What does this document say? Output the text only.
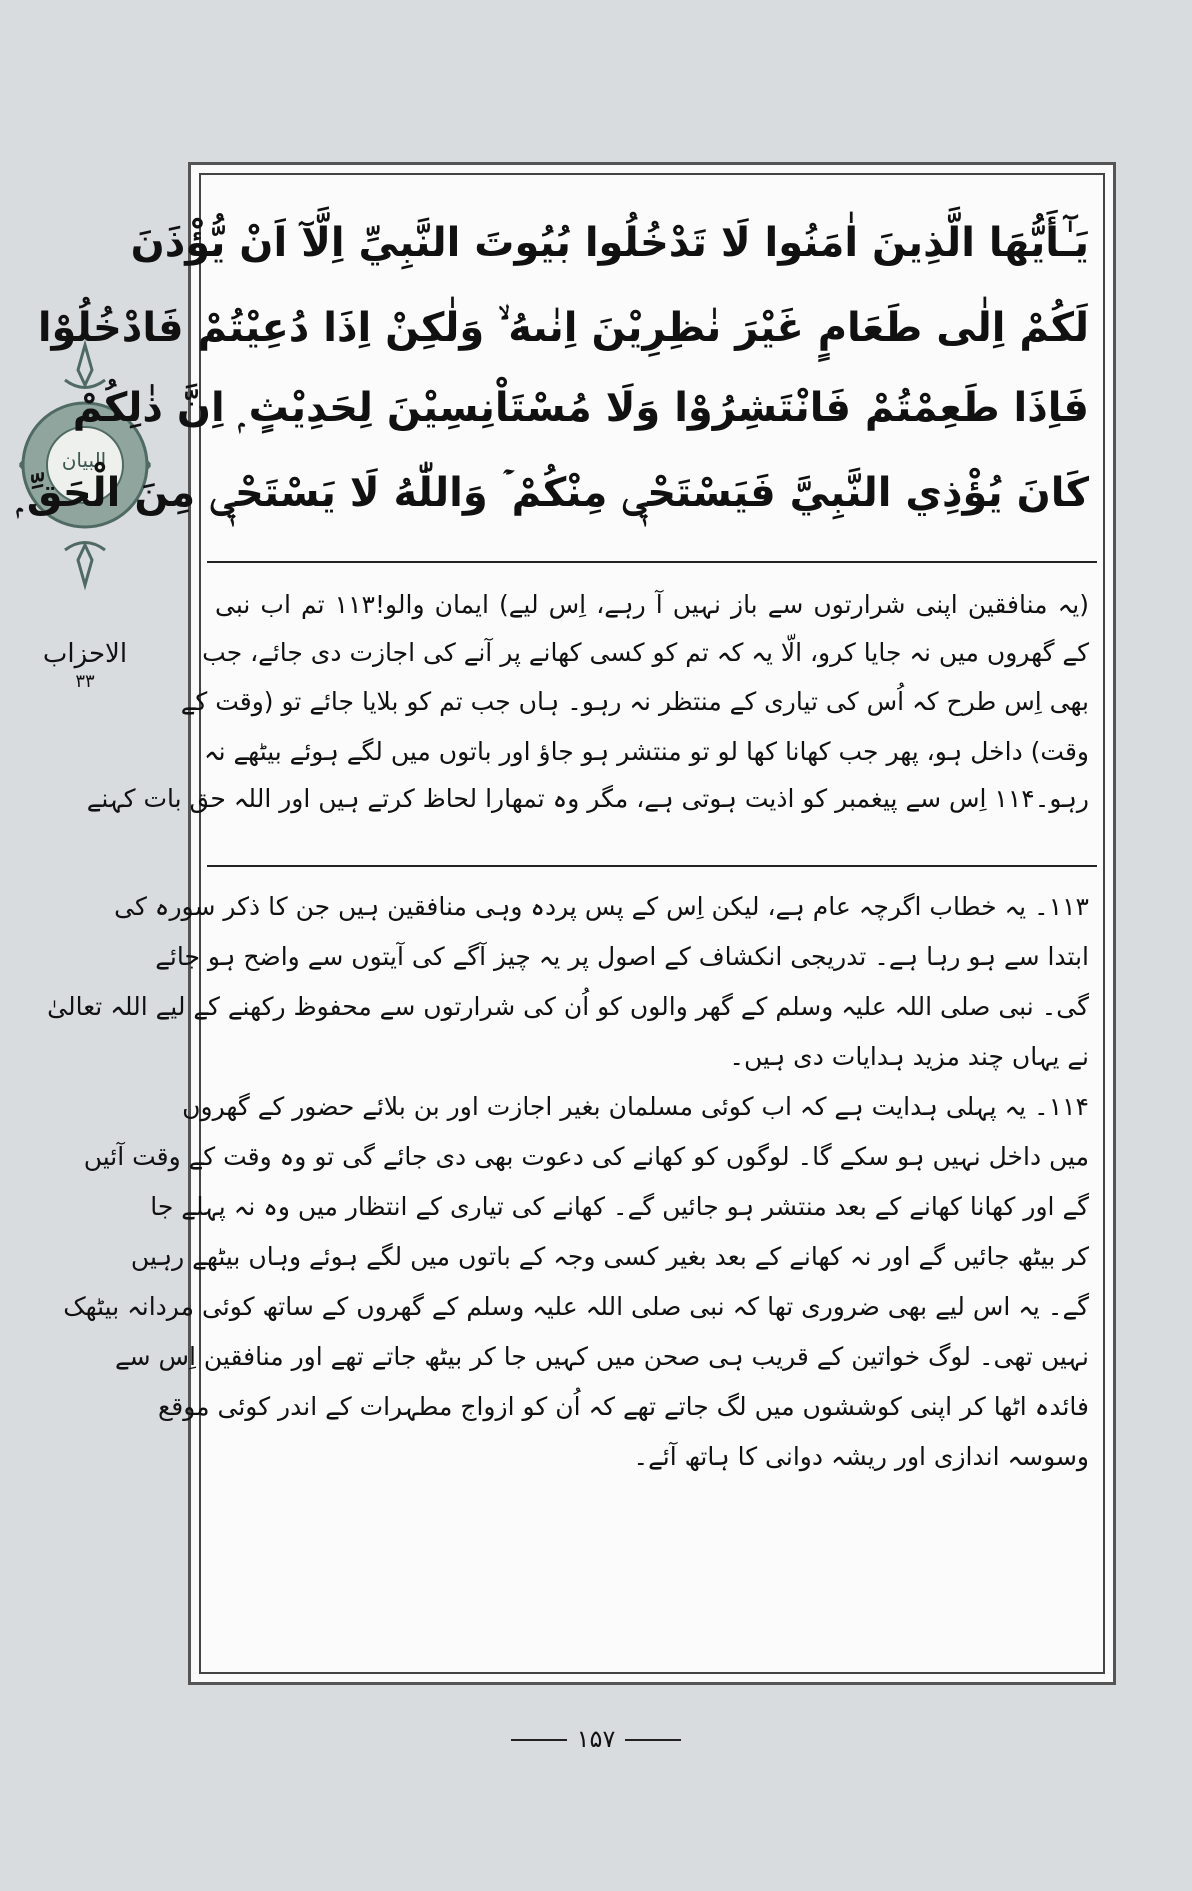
البیان
الاحزاب
۳۳
يَـٰٓأَيُّهَا الَّذِينَ اٰمَنُوا لَا تَدْخُلُوا بُيُوتَ النَّبِيِّ اِلَّآ اَنْ يُّؤْذَنَ
لَكُمْ اِلٰى طَعَامٍ غَيْرَ نٰظِرِيْنَ اِنٰىهُ ۙ وَلٰكِنْ اِذَا دُعِيْتُمْ فَادْخُلُوْا
فَاِذَا طَعِمْتُمْ فَانْتَشِرُوْا وَلَا مُسْتَاْنِسِيْنَ لِحَدِيْثٍ ۭ اِنَّ ذٰلِكُمْ
كَانَ يُؤْذِي النَّبِيَّ فَيَسْتَحْيٖ مِنْكُمْ ۡ وَاللّٰهُ لَا يَسْتَحْيٖ مِنَ الْحَقِّ ۭ
(یہ منافقین اپنی شرارتوں سے باز نہیں آ رہے، اِس لیے) ایمان والو!۱۱۳ تم اب نبی
کے گھروں میں نہ جایا کرو، الّا یہ کہ تم کو کسی کھانے پر آنے کی اجازت دی جائے، جب
بھی اِس طرح کہ اُس کی تیاری کے منتظر نہ رہو۔ ہاں جب تم کو بلایا جائے تو (وقت کے
وقت) داخل ہو، پھر جب کھانا کھا لو تو منتشر ہو جاؤ اور باتوں میں لگے ہوئے بیٹھے نہ
رہو۔۱۱۴ اِس سے پیغمبر کو اذیت ہوتی ہے، مگر وہ تمھارا لحاظ کرتے ہیں اور اللہ حق بات کہنے
۱۱۳۔ یہ خطاب اگرچہ عام ہے، لیکن اِس کے پس پردہ وہی منافقین ہیں جن کا ذکر سورہ کی
ابتدا سے ہو رہا ہے۔ تدریجی انکشاف کے اصول پر یہ چیز آگے کی آیتوں سے واضح ہو جائے
گی۔ نبی صلی اللہ علیہ وسلم کے گھر والوں کو اُن کی شرارتوں سے محفوظ رکھنے کے لیے اللہ تعالیٰ
نے یہاں چند مزید ہدایات دی ہیں۔
۱۱۴۔ یہ پہلی ہدایت ہے کہ اب کوئی مسلمان بغیر اجازت اور بن بلائے حضور کے گھروں
میں داخل نہیں ہو سکے گا۔ لوگوں کو کھانے کی دعوت بھی دی جائے گی تو وہ وقت کے وقت آئیں
گے اور کھانا کھانے کے بعد منتشر ہو جائیں گے۔ کھانے کی تیاری کے انتظار میں وہ نہ پہلے جا
کر بیٹھ جائیں گے اور نہ کھانے کے بعد بغیر کسی وجہ کے باتوں میں لگے ہوئے وہاں بیٹھے رہیں
گے۔ یہ اس لیے بھی ضروری تھا کہ نبی صلی اللہ علیہ وسلم کے گھروں کے ساتھ کوئی مردانہ بیٹھک
نہیں تھی۔ لوگ خواتین کے قریب ہی صحن میں کہیں جا کر بیٹھ جاتے تھے اور منافقین اِس سے
فائدہ اٹھا کر اپنی کوششوں میں لگ جاتے تھے کہ اُن کو ازواج مطہرات کے اندر کوئی موقع
وسوسہ اندازی اور ریشہ دوانی کا ہاتھ آئے۔
۱۵۷
